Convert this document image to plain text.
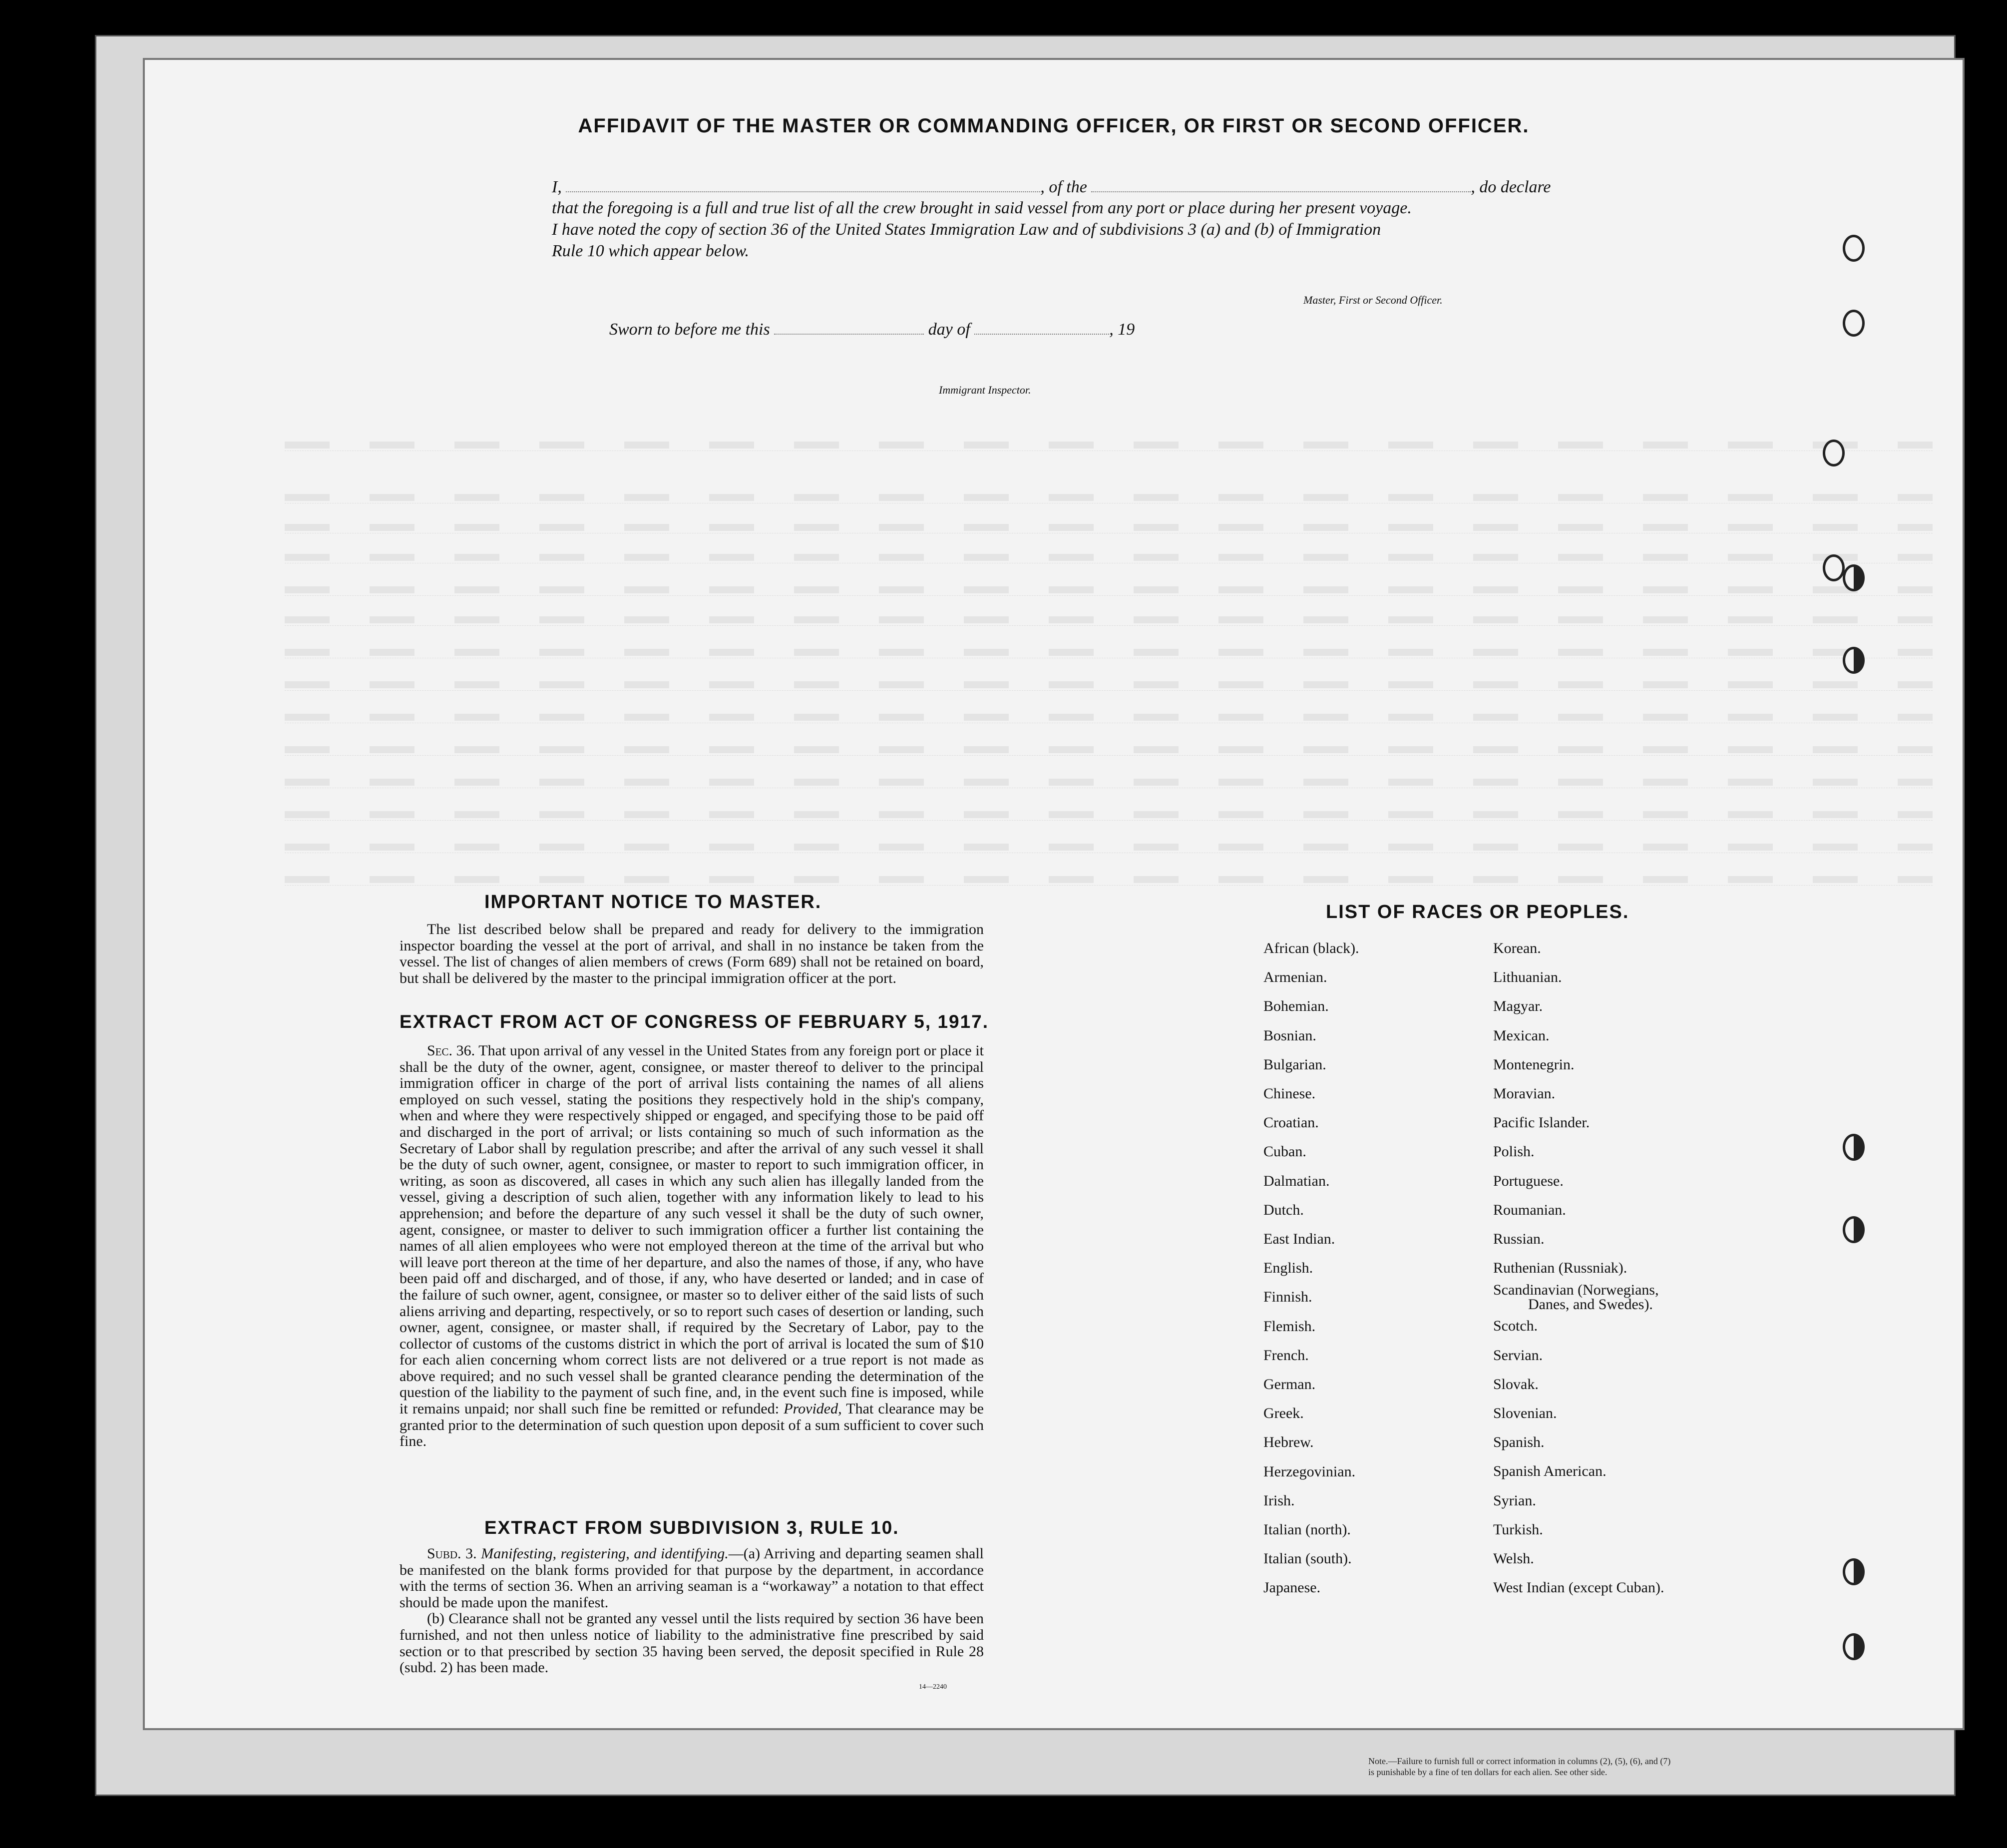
AFFIDAVIT OF THE MASTER OR COMMANDING OFFICER, OR FIRST OR SECOND OFFICER.
I,	, of the	, do declare
that the foregoing is a full and true list of all the crew brought in said vessel from any port or place during her present voyage.
I have noted the copy of section 36 of the United States Immigration Law and of subdivisions 3 (a) and (b) of Immigration
Rule 10 which appear below.
Master, First or Second Officer.
Sworn to before me this	day of	, 19
Immigrant Inspector.
IMPORTANT NOTICE TO MASTER.
The list described below shall be prepared and ready for delivery to the immigration inspector boarding the vessel at the port of arrival, and shall in no instance be taken from the vessel. The list of changes of alien members of crews (Form 689) shall not be retained on board, but shall be delivered by the master to the principal immigration officer at the port.
EXTRACT FROM ACT OF CONGRESS OF FEBRUARY 5, 1917.

Sec. 36. That upon arrival of any vessel in the United States from any foreign port or place it shall be the duty of the owner, agent, consignee, or master thereof to deliver to the principal immigration officer in charge of the port of arrival lists containing the names of all aliens employed on such vessel, stating the positions they respectively hold in the ship's company, when and where they were respectively shipped or engaged, and specifying those to be paid off and discharged in the port of arrival; or lists containing so much of such information as the Secretary of Labor shall by regulation prescribe; and after the arrival of any such vessel it shall be the duty of such owner, agent, consignee, or master to report to such immigration officer, in writing, as soon as discovered, all cases in which any such alien has illegally landed from the vessel, giving a description of such alien, together with any information likely to lead to his apprehension; and before the departure of any such vessel it shall be the duty of such owner, agent, consignee, or master to deliver to such immigration officer a further list containing the names of all alien employees who were not employed thereon at the time of the arrival but who will leave port thereon at the time of her departure, and also the names of those, if any, who have been paid off and discharged, and of those, if any, who have deserted or landed; and in case of the failure of such owner, agent, consignee, or master so to deliver either of the said lists of such aliens arriving and departing, respectively, or so to report such cases of desertion or landing, such owner, agent, consignee, or master shall, if required by the Secretary of Labor, pay to the collector of customs of the customs district in which the port of arrival is located the sum of $10 for each alien concerning whom correct lists are not delivered or a true report is not made as above required; and no such vessel shall be granted clearance pending the determination of the question of the liability to the payment of such fine, and, in the event such fine is imposed, while it remains unpaid; nor shall such fine be remitted or refunded: Provided, That clearance may be granted prior to the determination of such question upon deposit of a sum sufficient to cover such fine.

EXTRACT FROM SUBDIVISION 3, RULE 10.

Subd. 3. Manifesting, registering, and identifying.—(a) Arriving and departing seamen shall be manifested on the blank forms provided for that purpose by the department, in accordance with the terms of section 36. When an arriving seaman is a “workaway” a notation to that effect should be made upon the manifest.

(b) Clearance shall not be granted any vessel until the lists required by section 36 have been furnished, and not then unless notice of liability to the administrative fine prescribed by said section or to that prescribed by section 35 having been served, the deposit specified in Rule 28 (subd. 2) has been made.

14—2240
LIST OF RACES OR PEOPLES.
African (black).
Armenian.
Bohemian.
Bosnian.
Bulgarian.
Chinese.
Croatian.
Cuban.
Dalmatian.
Dutch.
East Indian.
English.
Finnish.
Flemish.
French.
German.
Greek.
Hebrew.
Herzegovinian.
Irish.
Italian (north).
Italian (south).
Japanese.
Korean.
Lithuanian.
Magyar.
Mexican.
Montenegrin.
Moravian.
Pacific Islander.
Polish.
Portuguese.
Roumanian.
Russian.
Ruthenian (Russniak).
Scandinavian (Norwegians,
Danes, and Swedes).
Scotch.
Servian.
Slovak.
Slovenian.
Spanish.
Spanish American.
Syrian.
Turkish.
Welsh.
West Indian (except Cuban).
Note.—Failure to furnish full or correct information in columns (2), (5), (6), and (7)
is punishable by a fine of ten dollars for each alien. See other side.
